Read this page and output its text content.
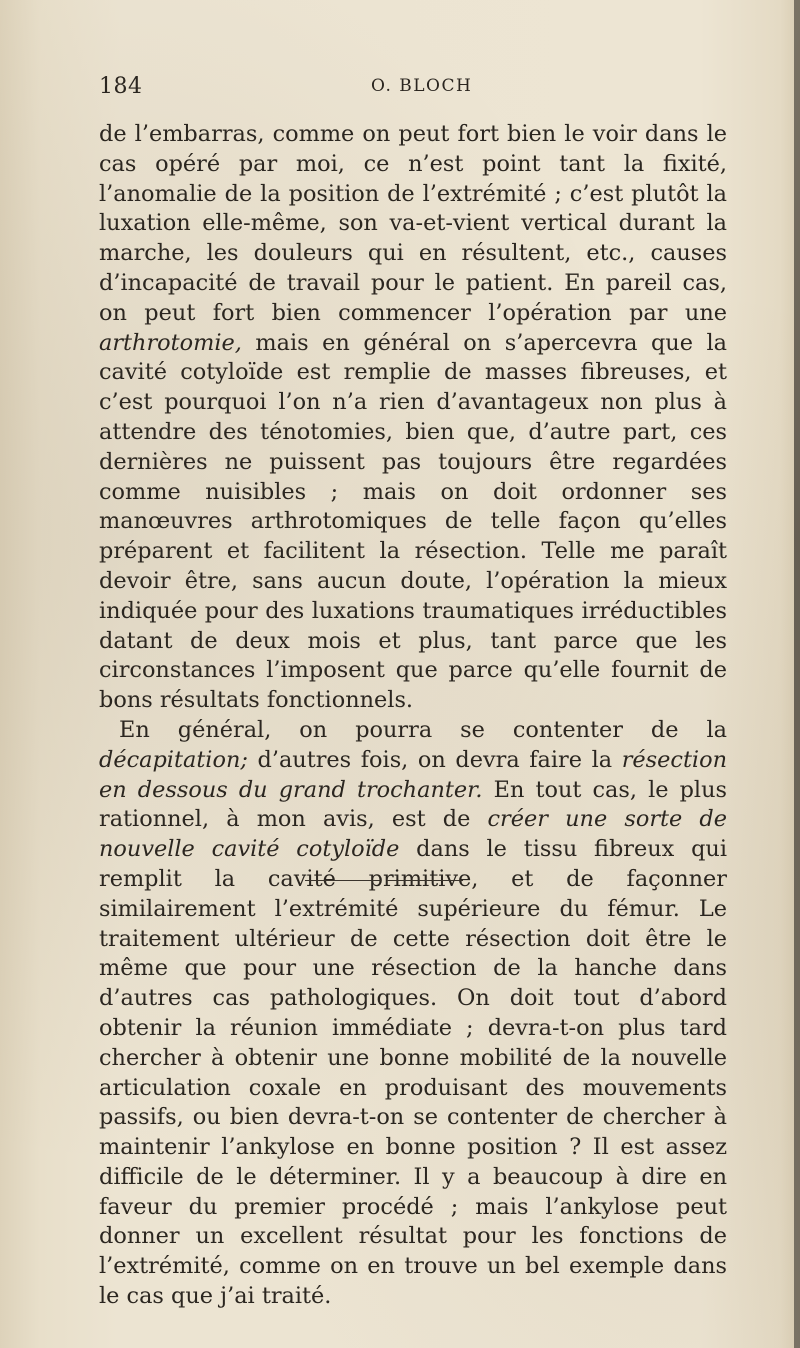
184	O. BLOCH

de l’embarras, comme on peut fort bien le voir dans le cas opéré par moi, ce n’est point tant la fixité, l’anomalie de la position de l’extrémité ; c’est plutôt la luxation elle-même, son va-et-vient vertical durant la marche, les douleurs qui en résultent, etc., causes d’incapacité de travail pour le patient. En pareil cas, on peut fort bien commencer l’opération par une arthrotomie, mais en général on s’apercevra que la cavité cotyloïde est remplie de masses fibreuses, et c’est pourquoi l’on n’a rien d’avantageux non plus à attendre des ténotomies, bien que, d’autre part, ces dernières ne puissent pas toujours être regardées comme nuisibles ; mais on doit ordonner ses manœuvres arthrotomiques de telle façon qu’elles préparent et facilitent la résection. Telle me paraît devoir être, sans aucun doute, l’opération la mieux indiquée pour des luxations traumatiques irréductibles datant de deux mois et plus, tant parce que les circonstances l’imposent que parce qu’elle fournit de bons résultats fonctionnels.

En général, on pourra se contenter de la décapitation; d’autres fois, on devra faire la résection en dessous du grand trochanter. En tout cas, le plus rationnel, à mon avis, est de créer une sorte de nouvelle cavité cotyloïde dans le tissu fibreux qui remplit la cavité primitive, et de façonner similairement l’extrémité supérieure du fémur. Le traitement ultérieur de cette résection doit être le même que pour une résection de la hanche dans d’autres cas pathologiques. On doit tout d’abord obtenir la réunion immédiate ; devra-t-on plus tard chercher à obtenir une bonne mobilité de la nouvelle articulation coxale en produisant des mouvements passifs, ou bien devra-t-on se contenter de chercher à maintenir l’ankylose en bonne position ? Il est assez difficile de le déterminer. Il y a beaucoup à dire en faveur du premier procédé ; mais l’ankylose peut donner un excellent résultat pour les fonctions de l’extrémité, comme on en trouve un bel exemple dans le cas que j’ai traité.
